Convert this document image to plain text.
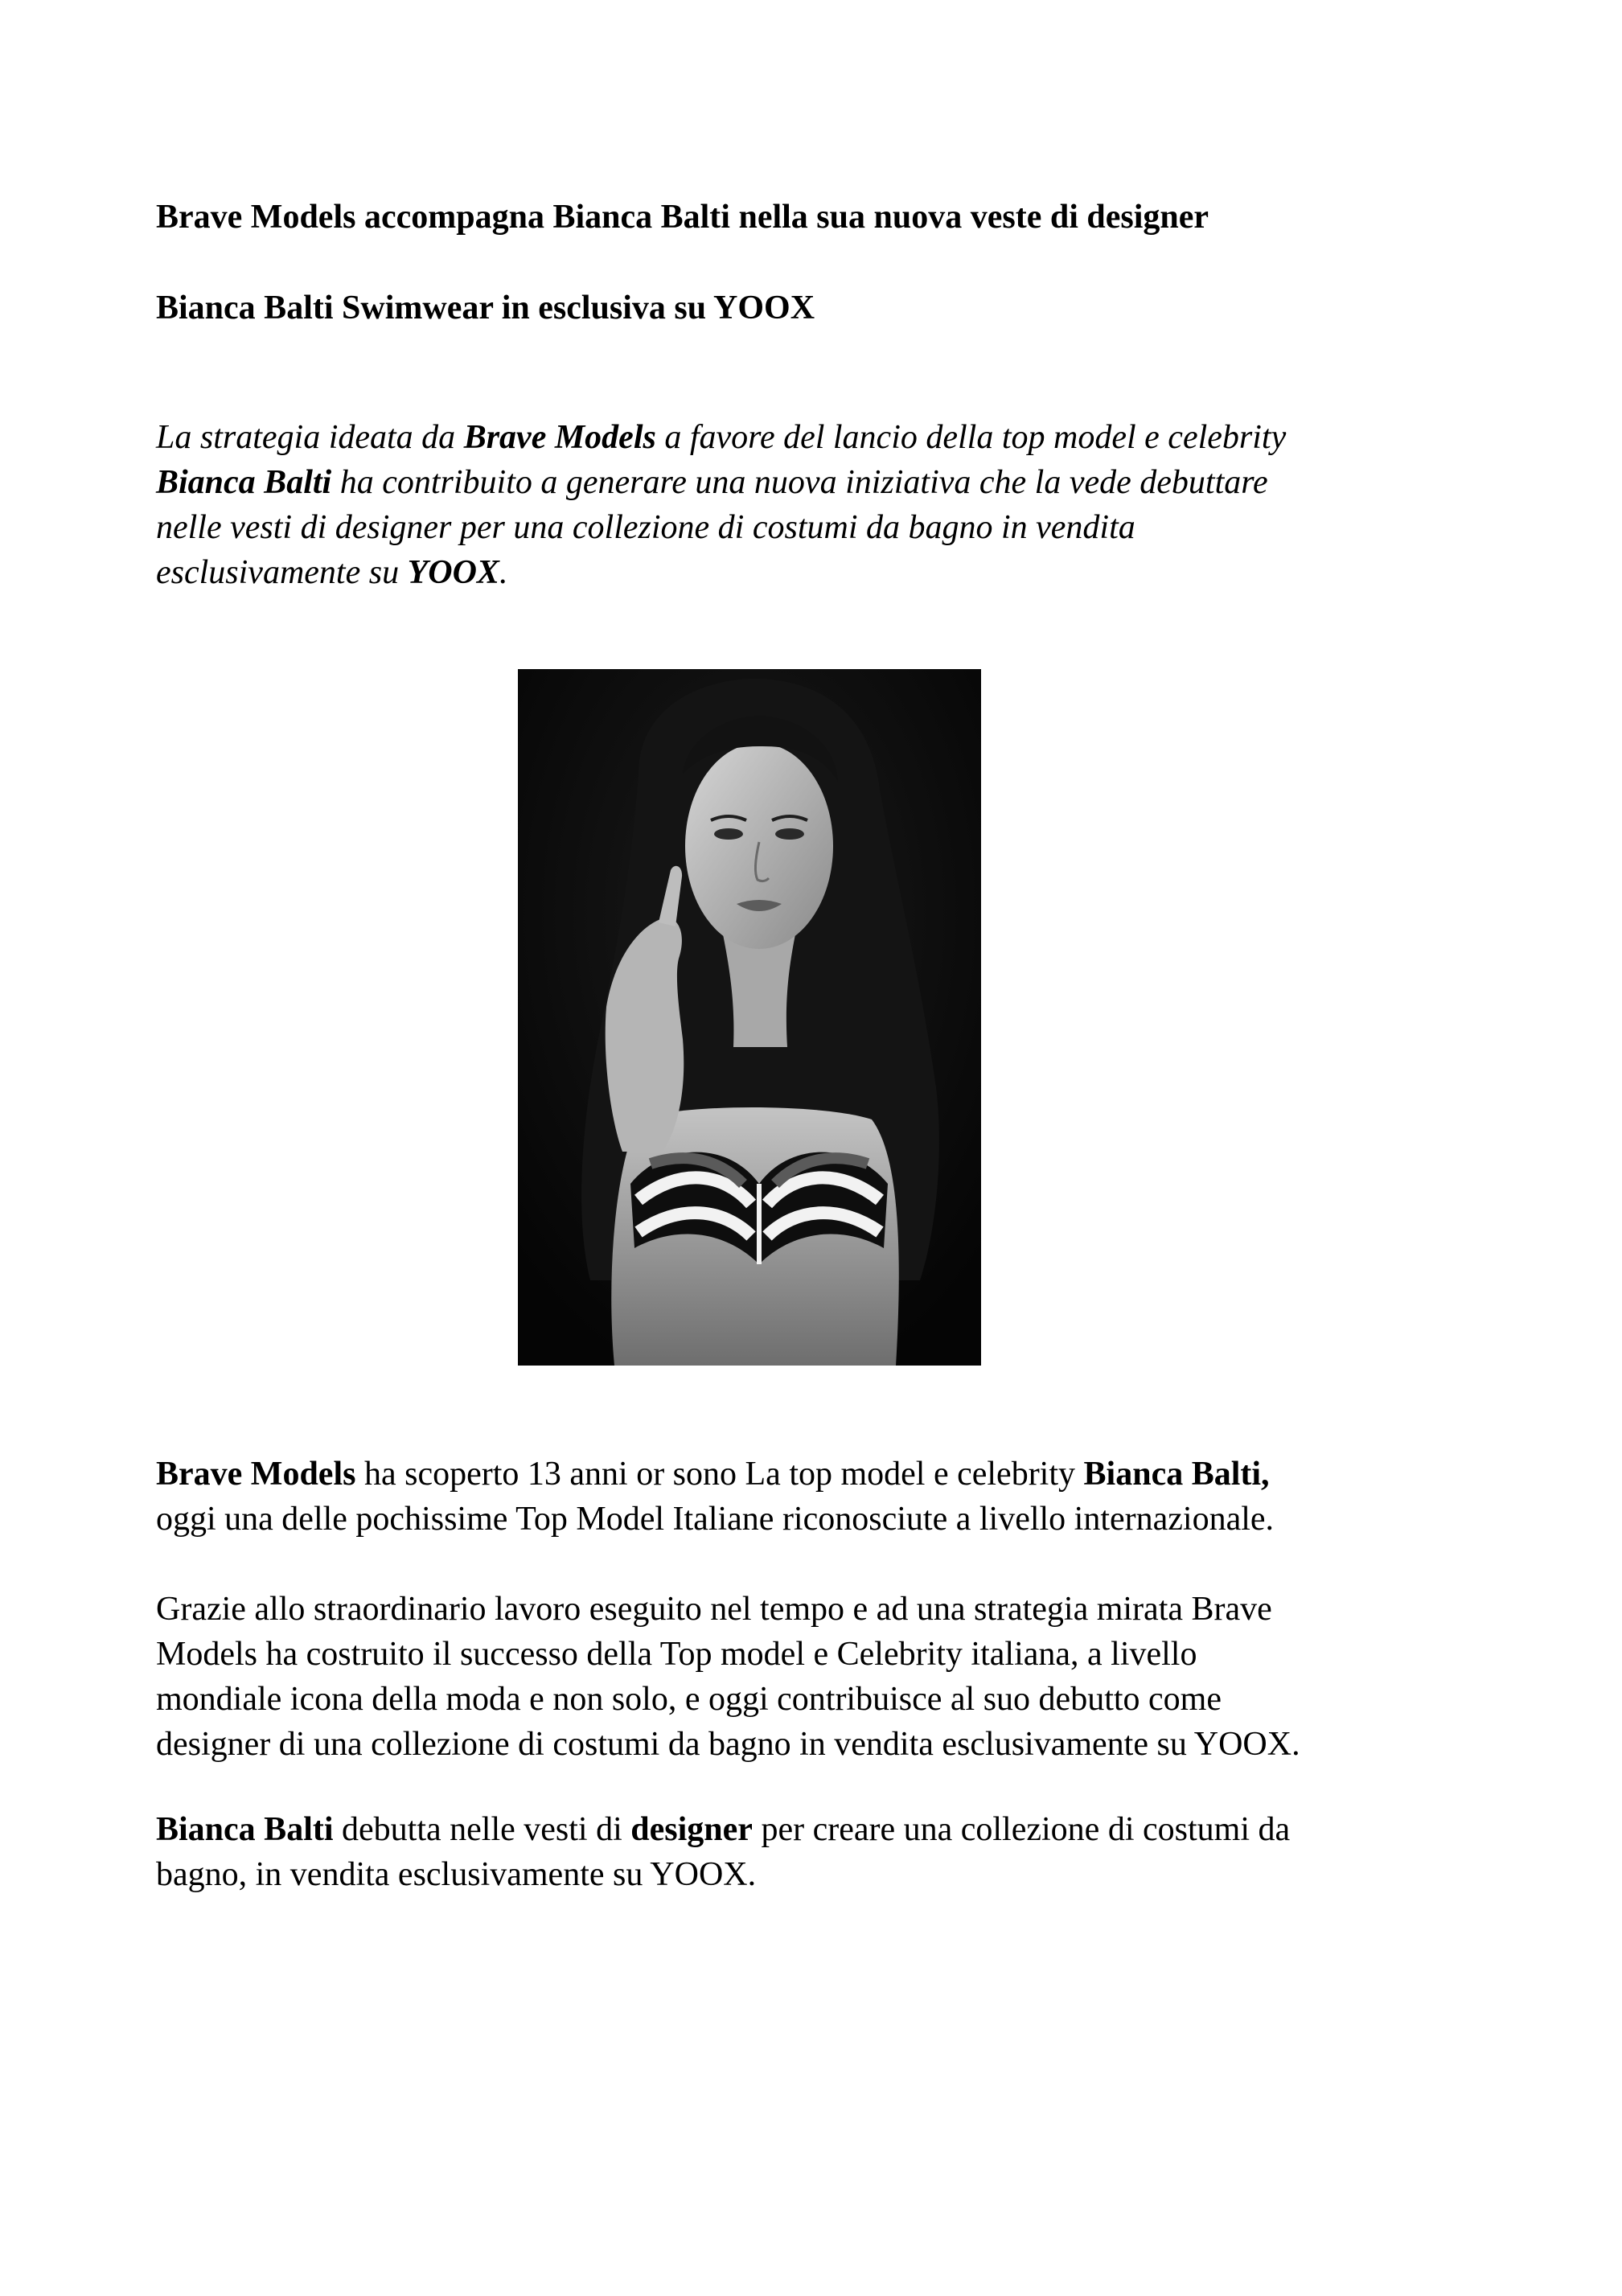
Brave Models accompagna Bianca Balti nella sua nuova veste di designer
Bianca Balti Swimwear in esclusiva su YOOX
La strategia ideata da Brave Models a favore del lancio della top model e celebrity
Bianca Balti ha contribuito a generare una nuova iniziativa che la vede debuttare
nelle vesti di designer per una collezione di costumi da bagno in vendita
esclusivamente su YOOX.
Brave Models ha scoperto 13 anni or sono La top model e celebrity Bianca Balti,
oggi una delle pochissime Top Model Italiane riconosciute a livello internazionale.
Grazie allo straordinario lavoro eseguito nel tempo e ad una strategia mirata Brave
Models ha costruito il successo della Top model e Celebrity italiana, a livello
mondiale icona della moda e non solo, e oggi contribuisce al suo debutto come
designer di una collezione di costumi da bagno in vendita esclusivamente su YOOX.
Bianca Balti debutta nelle vesti di designer per creare una collezione di costumi da
bagno, in vendita esclusivamente su YOOX.
